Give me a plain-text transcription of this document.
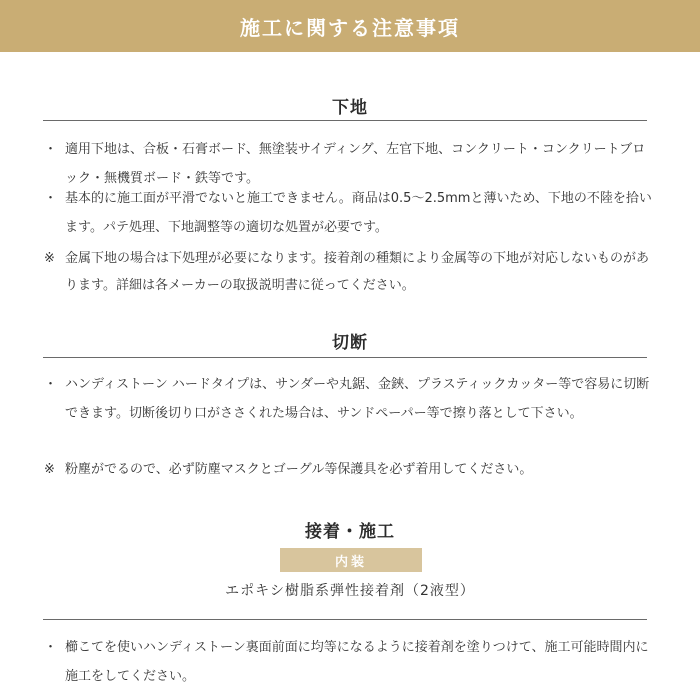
施工に関する注意事項
下地
・ 適用下地は、合板・石膏ボード、無塗装サイディング、左官下地、コンクリート・コンクリートブロック・無機質ボード・鉄等です。
・ 基本的に施工面が平滑でないと施工できません。商品は0.5～2.5mmと薄いため、下地の不陸を拾います。パテ処理、下地調整等の適切な処置が必要です。
※ 金属下地の場合は下処理が必要になります。接着剤の種類により金属等の下地が対応しないものがあります。詳細は各メーカーの取扱説明書に従ってください。
切断
・ ハンディストーン ハードタイプは、サンダーや丸鋸、金鋏、プラスティックカッター等で容易に切断できます。切断後切り口がささくれた場合は、サンドペーパー等で擦り落として下さい。
※ 粉塵がでるので、必ず防塵マスクとゴーグル等保護具を必ず着用してください。
接着・施工
内装
エポキシ樹脂系弾性接着剤（2液型）
・ 櫛こてを使いハンディストーン裏面前面に均等になるように接着剤を塗りつけて、施工可能時間内に施工をしてください。
